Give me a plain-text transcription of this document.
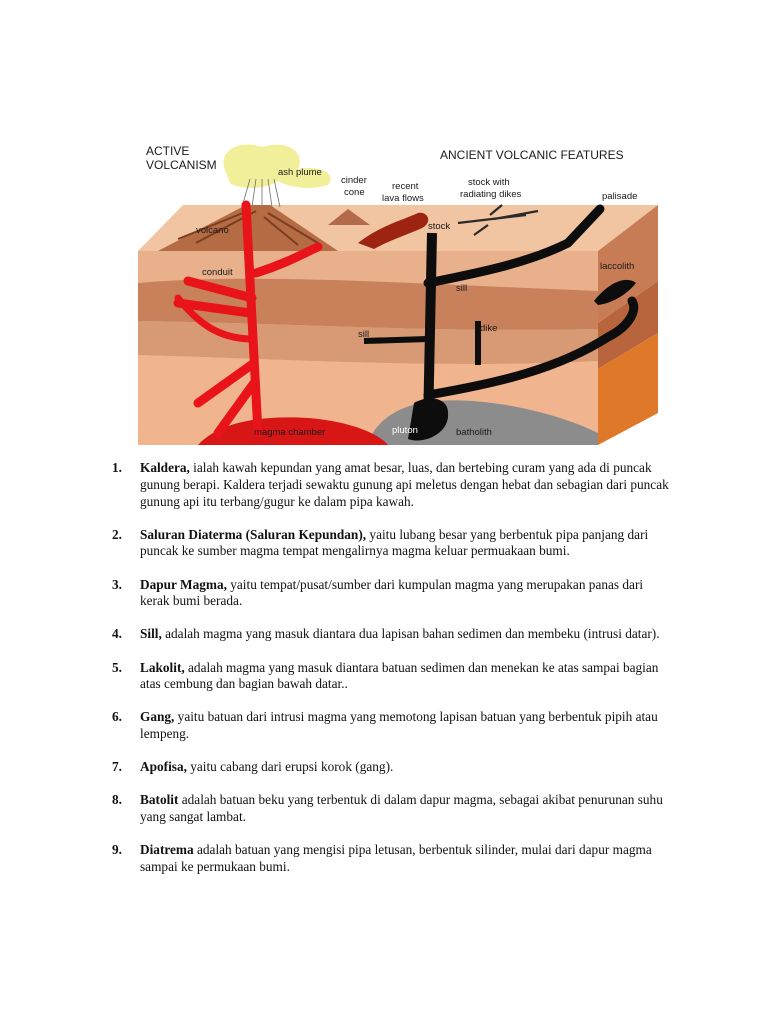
ACTIVE
VOLCANISM
ANCIENT VOLCANIC FEATURES
ash plume
cinder
cone
recent
lava flows
stock with
radiating dikes	palisade
volcano	stock
conduit
laccolith
sill
sill
dike
magma chamber	pluton	batholith
1. Kaldera, ialah kawah kepundan yang amat besar, luas, dan bertebing curam yang ada di puncak gunung berapi. Kaldera terjadi sewaktu gunung api meletus dengan hebat dan sebagian dari puncak gunung api itu terbang/gugur ke dalam pipa kawah.
2. Saluran Diaterma (Saluran Kepundan), yaitu lubang besar yang berbentuk pipa panjang dari puncak ke sumber magma tempat mengalirnya magma keluar permuakaan bumi.
3. Dapur Magma, yaitu tempat/pusat/sumber dari kumpulan magma yang merupakan panas dari kerak bumi berada.
4. Sill, adalah magma yang masuk diantara dua lapisan bahan sedimen dan membeku (intrusi datar).
5. Lakolit, adalah magma yang masuk diantara batuan sedimen dan menekan ke atas sampai bagian atas cembung dan bagian bawah datar..
6. Gang, yaitu batuan dari intrusi magma yang memotong lapisan batuan yang berbentuk pipih atau lempeng.
7. Apofisa, yaitu cabang dari erupsi korok (gang).
8. Batolit adalah batuan beku yang terbentuk di dalam dapur magma, sebagai akibat penurunan suhu yang sangat lambat.
9. Diatrema adalah batuan yang mengisi pipa letusan, berbentuk silinder, mulai dari dapur magma sampai ke permukaan bumi.
